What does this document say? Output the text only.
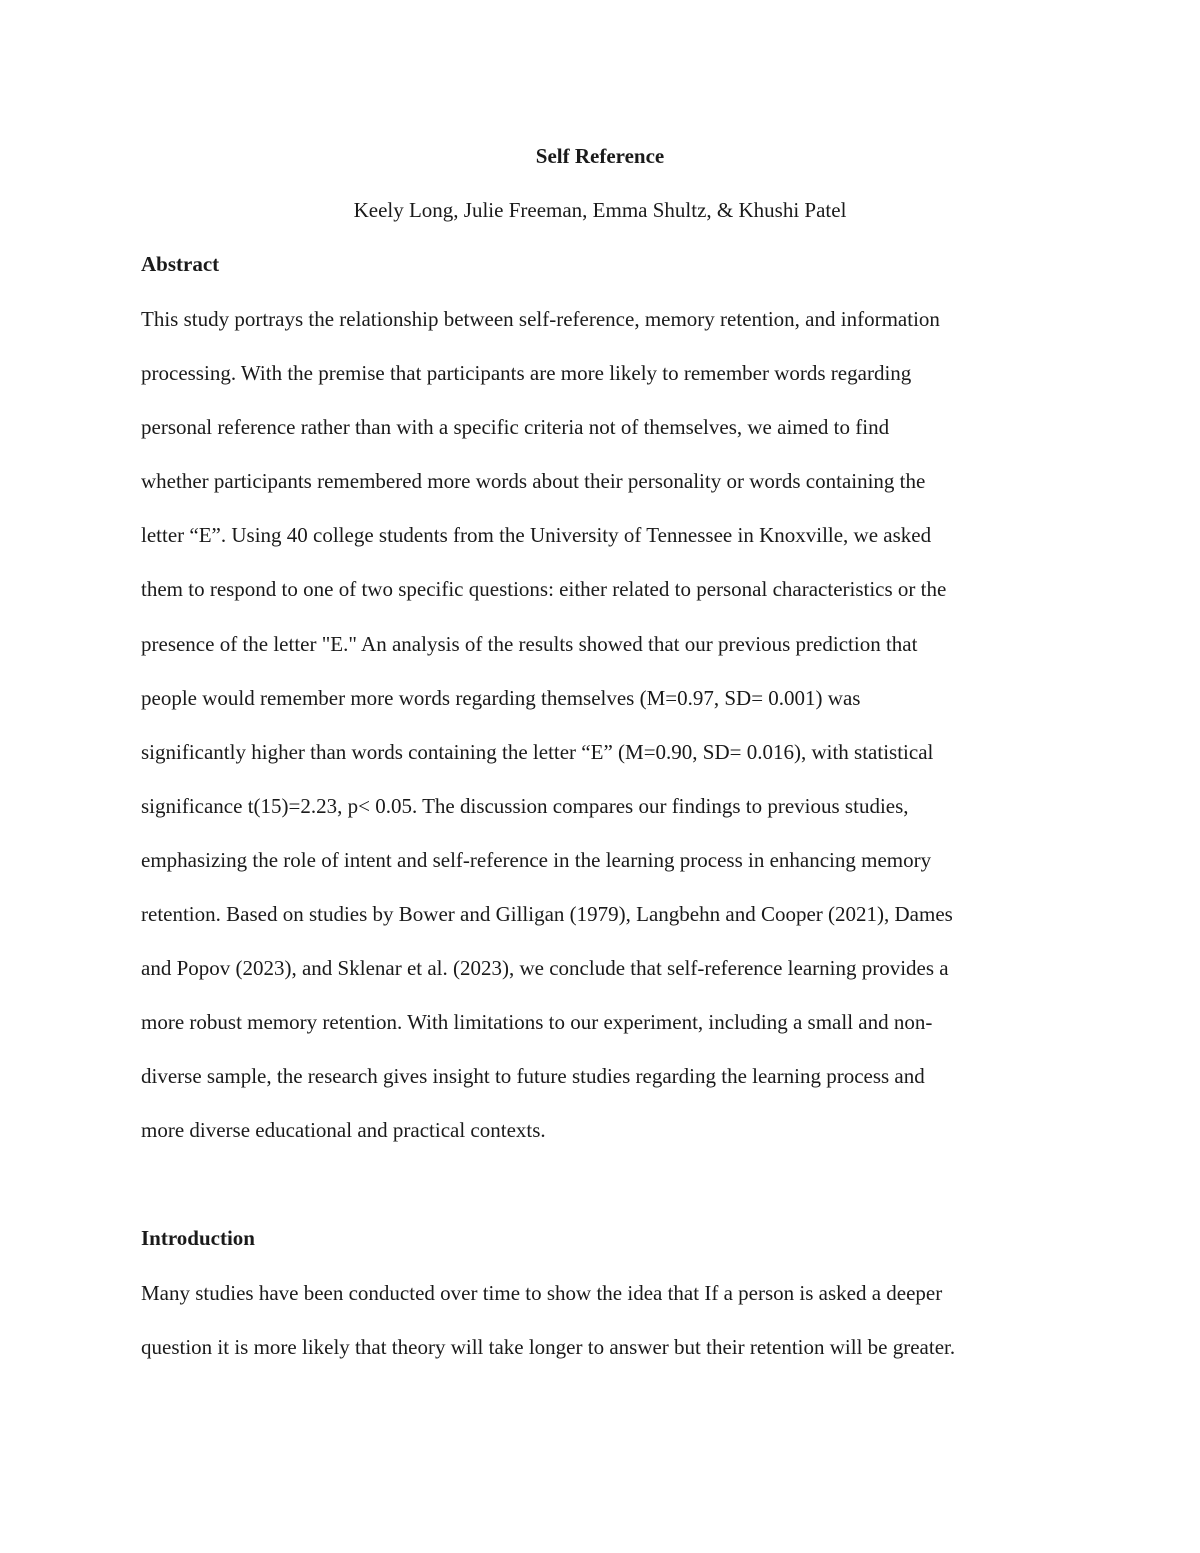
Self Reference
Keely Long, Julie Freeman, Emma Shultz, & Khushi Patel
Abstract
This study portrays the relationship between self-reference, memory retention, and information
processing. With the premise that participants are more likely to remember words regarding
personal reference rather than with a specific criteria not of themselves, we aimed to find
whether participants remembered more words about their personality or words containing the
letter “E”. Using 40 college students from the University of Tennessee in Knoxville, we asked
them to respond to one of two specific questions: either related to personal characteristics or the
presence of the letter "E." An analysis of the results showed that our previous prediction that
people would remember more words regarding themselves (M=0.97, SD= 0.001) was
significantly higher than words containing the letter “E” (M=0.90, SD= 0.016), with statistical
significance t(15)=2.23, p< 0.05. The discussion compares our findings to previous studies,
emphasizing the role of intent and self-reference in the learning process in enhancing memory
retention. Based on studies by Bower and Gilligan (1979), Langbehn and Cooper (2021), Dames
and Popov (2023), and Sklenar et al. (2023), we conclude that self-reference learning provides a
more robust memory retention. With limitations to our experiment, including a small and non-
diverse sample, the research gives insight to future studies regarding the learning process and
more diverse educational and practical contexts.
Introduction
Many studies have been conducted over time to show the idea that If a person is asked a deeper
question it is more likely that theory will take longer to answer but their retention will be greater.
